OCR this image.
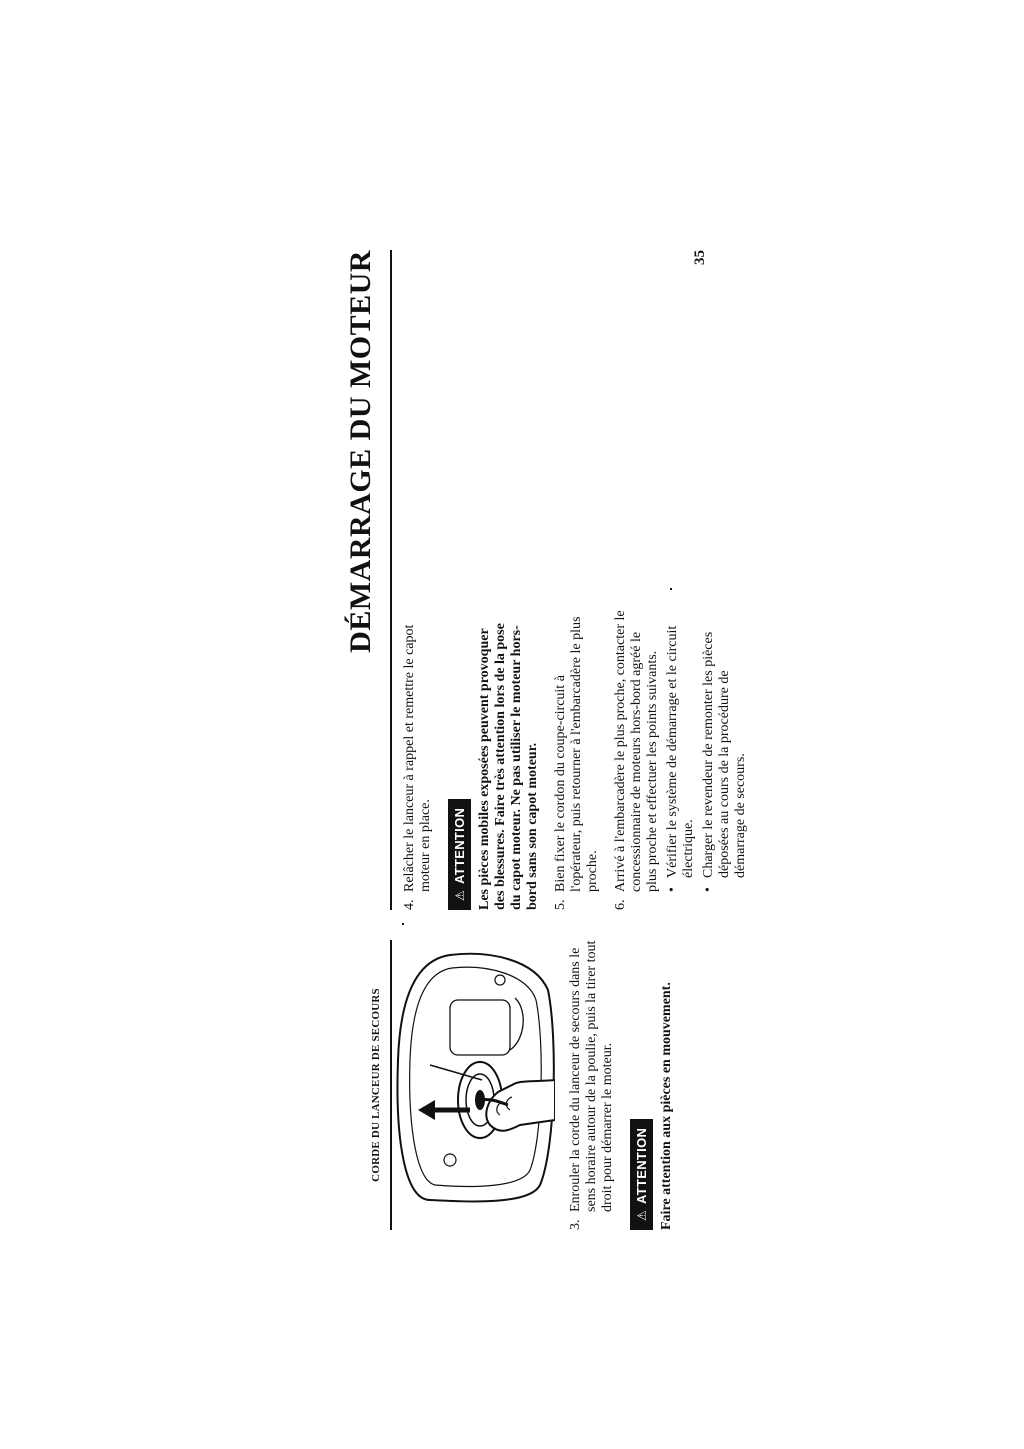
DÉMARRAGE DU MOTEUR
CORDE DU LANCEUR DE SECOURS
3.
Enrouler la corde du lanceur de secours dans le sens horaire autour de la poulie, puis la tirer tout droit pour démarrer le moteur.
⚠
ATTENTION Faire attention aux pièces en mouvement.
4.
Relâcher le lanceur à rappel et remettre le capot moteur en place.
⚠
ATTENTION Les pièces mobiles exposées peuvent provoquer des blessures. Faire très attention lors de la pose du capot moteur. Ne pas utiliser le moteur hors-bord sans son capot moteur. 5.
Bien fixer le cordon du coupe-circuit à l'opérateur, puis retourner à l'embarcadère le plus proche.
6.
Arrivé à l'embarcadère le plus proche, contacter le concessionnaire de moteurs hors-bord agréé le plus proche et effectuer les points suivants. • Vérifier le système de démarrage et le circuit électrique. • Charger le revendeur de remonter les pièces déposées au cours de la procédure de démarrage de secours.
35
